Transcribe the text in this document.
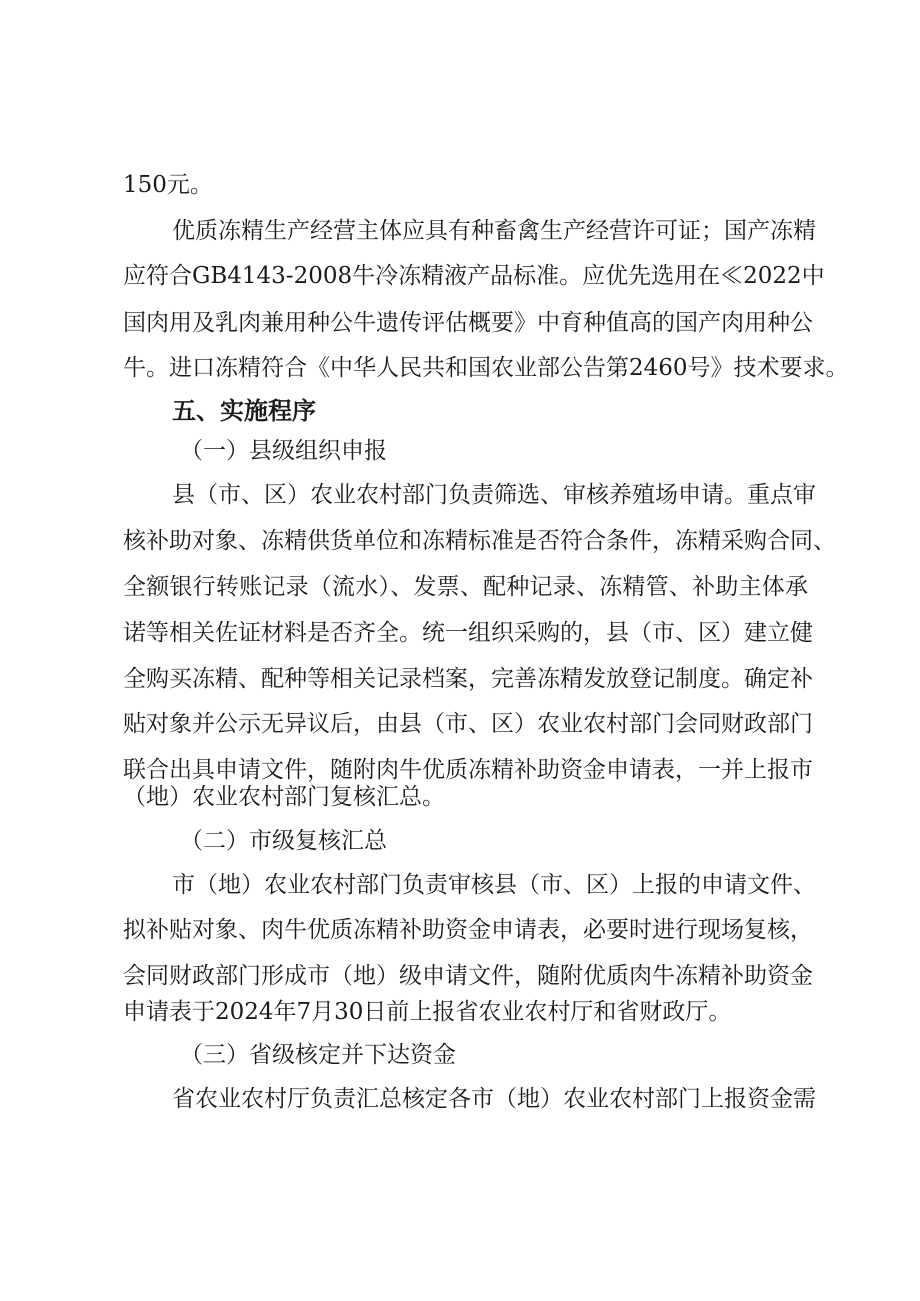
150元。
优质冻精生产经营主体应具有种畜禽生产经营许可证；国产冻精
应符合GB4143-2008牛冷冻精液产品标准。应优先选用在≪2022中
国肉用及乳肉兼用种公牛遗传评估概要》中育种值高的国产肉用种公
牛。进口冻精符合《中华人民共和国农业部公告第2460号》技术要求。
五、实施程序
（一）县级组织申报
县（市、区）农业农村部门负责筛选、审核养殖场申请。重点审
核补助对象、冻精供货单位和冻精标准是否符合条件，冻精采购合同、
全额银行转账记录（流水）、发票、配种记录、冻精管、补助主体承
诺等相关佐证材料是否齐全。统一组织采购的，县（市、区）建立健
全购买冻精、配种等相关记录档案，完善冻精发放登记制度。确定补
贴对象并公示无异议后，由县（市、区）农业农村部门会同财政部门
联合出具申请文件，随附肉牛优质冻精补助资金申请表，一并上报市
（地）农业农村部门复核汇总。
（二）市级复核汇总
市（地）农业农村部门负责审核县（市、区）上报的申请文件、
拟补贴对象、肉牛优质冻精补助资金申请表，必要时进行现场复核，
会同财政部门形成市（地）级申请文件，随附优质肉牛冻精补助资金
申请表于2024年7月30日前上报省农业农村厅和省财政厅。
（三）省级核定并下达资金
省农业农村厅负责汇总核定各市（地）农业农村部门上报资金需
